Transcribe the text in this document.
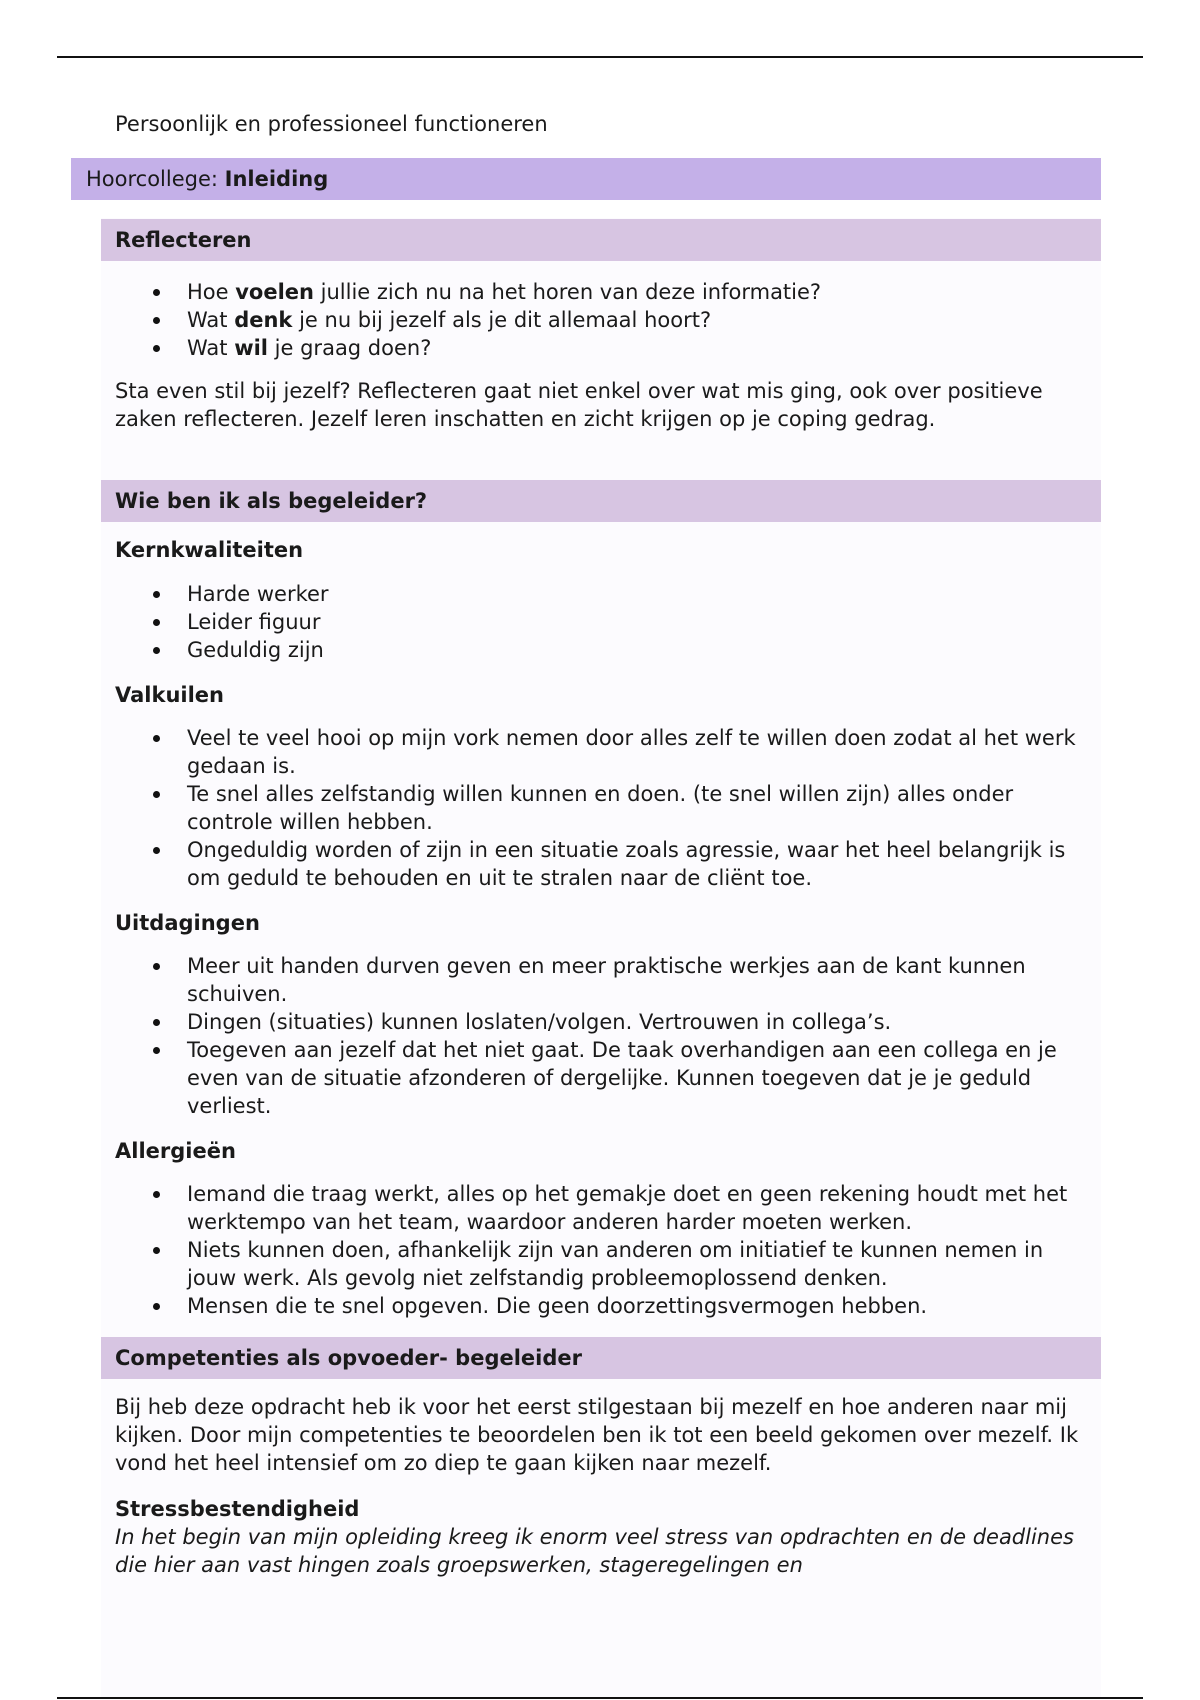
Persoonlijk en professioneel functioneren
Hoorcollege: Inleiding
Reflecteren
Hoe voelen jullie zich nu na het horen van deze informatie?
Wat denk je nu bij jezelf als je dit allemaal hoort?
Wat wil je graag doen?
Sta even stil bij jezelf? Reflecteren gaat niet enkel over wat mis ging, ook over positieve zaken reflecteren. Jezelf leren inschatten en zicht krijgen op je coping gedrag.
Wie ben ik als begeleider?
Kernkwaliteiten
Harde werker
Leider figuur
Geduldig zijn
Valkuilen
Veel te veel hooi op mijn vork nemen door alles zelf te willen doen zodat al het werk gedaan is.
Te snel alles zelfstandig willen kunnen en doen. (te snel willen zijn) alles onder controle willen hebben.
Ongeduldig worden of zijn in een situatie zoals agressie, waar het heel belangrijk is om geduld te behouden en uit te stralen naar de cliënt toe.
Uitdagingen
Meer uit handen durven geven en meer praktische werkjes aan de kant kunnen schuiven.
Dingen (situaties) kunnen loslaten/volgen. Vertrouwen in collega’s.
Toegeven aan jezelf dat het niet gaat. De taak overhandigen aan een collega en je even van de situatie afzonderen of dergelijke. Kunnen toegeven dat je je geduld verliest.
Allergieën
Iemand die traag werkt, alles op het gemakje doet en geen rekening houdt met het werktempo van het team, waardoor anderen harder moeten werken.
Niets kunnen doen, afhankelijk zijn van anderen om initiatief te kunnen nemen in jouw werk. Als gevolg niet zelfstandig probleemoplossend denken.
Mensen die te snel opgeven. Die geen doorzettingsvermogen hebben.
Competenties als opvoeder- begeleider
Bij heb deze opdracht heb ik voor het eerst stilgestaan bij mezelf en hoe anderen naar mij kijken. Door mijn competenties te beoordelen ben ik tot een beeld gekomen over mezelf. Ik vond het heel intensief om zo diep te gaan kijken naar mezelf.
Stressbestendigheid
In het begin van mijn opleiding kreeg ik enorm veel stress van opdrachten en de deadlines die hier aan vast hingen zoals groepswerken, stageregelingen en
